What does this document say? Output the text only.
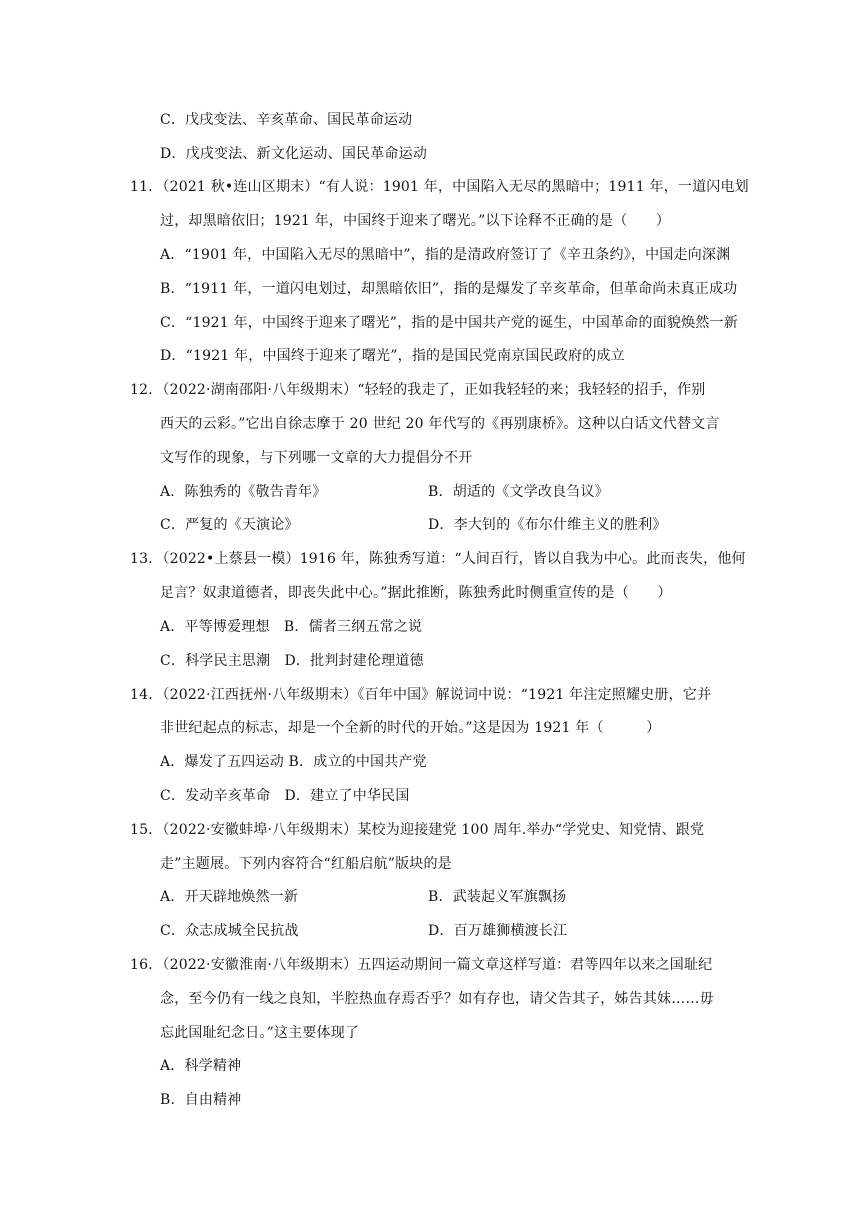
C．戊戌变法、辛亥革命、国民革命运动
D．戊戌变法、新文化运动、国民革命运动
11．（2021 秋•连山区期末）“有人说：1901 年，中国陷入无尽的黑暗中；1911 年，一道闪电划
过，却黑暗依旧；1921 年，中国终于迎来了曙光。”以下诠释不正确的是（　　）
A．“1901 年，中国陷入无尽的黑暗中”，指的是清政府签订了《辛丑条约》，中国走向深渊
B．“1911 年，一道闪电划过，却黑暗依旧”，指的是爆发了辛亥革命，但革命尚未真正成功
C．“1921 年，中国终于迎来了曙光”，指的是中国共产党的诞生，中国革命的面貌焕然一新
D．“1921 年，中国终于迎来了曙光”，指的是国民党南京国民政府的成立
12．（2022·湖南邵阳·八年级期末）“轻轻的我走了，正如我轻轻的来；我轻轻的招手，作别
西天的云彩。”它出自徐志摩于 20 世纪 20 年代写的《再别康桥》。这种以白话文代替文言
文写作的现象，与下列哪一文章的大力提倡分不开
A．陈独秀的《敬告青年》	B．胡适的《文学改良刍议》
C．严复的《天演论》	D．李大钊的《布尔什维主义的胜利》
13．（2022•上蔡县一模）1916 年，陈独秀写道：“人间百行，皆以自我为中心。此而丧失，他何
足言？奴隶道德者，即丧失此中心。”据此推断，陈独秀此时侧重宣传的是（　　）
A．平等博爱理想　B．儒者三纲五常之说
C．科学民主思潮　D．批判封建伦理道德
14．（2022·江西抚州·八年级期末）《百年中国》解说词中说：“1921 年注定照耀史册，它并
非世纪起点的标志，却是一个全新的时代的开始。”这是因为 1921 年（　　　）
A．爆发了五四运动 B．成立的中国共产党
C．发动辛亥革命　D．建立了中华民国
15．（2022·安徽蚌埠·八年级期末）某校为迎接建党 100 周年.举办“学党史、知党情、跟党
走”主题展。下列内容符合“红船启航”版块的是
A．开天辟地焕然一新	B．武装起义军旗飘扬
C．众志成城全民抗战	D．百万雄狮横渡长江
16．（2022·安徽淮南·八年级期末）五四运动期间一篇文章这样写道：君等四年以来之国耻纪
念，至今仍有一线之良知，半腔热血存焉否乎？如有存也，请父告其子，姊告其妹……毋
忘此国耻纪念日。”这主要体现了
A．科学精神
B．自由精神
